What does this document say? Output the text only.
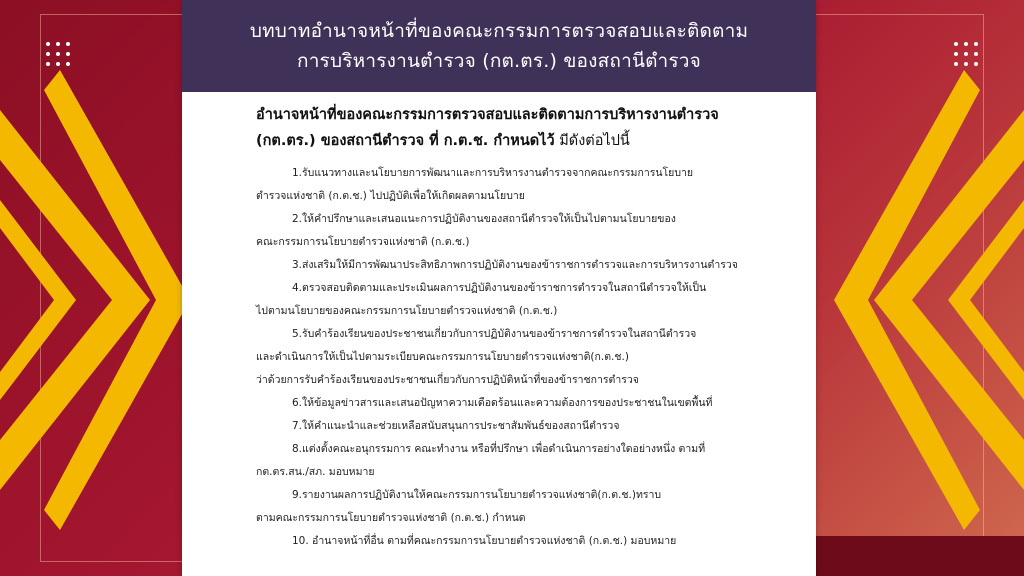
บทบาทอำนาจหน้าที่ของคณะกรรมการตรวจสอบและติดตาม
การบริหารงานตำรวจ (กต.ตร.) ของสถานีตำรวจ

อำนาจหน้าที่ของคณะกรรมการตรวจสอบและติดตามการบริหารงานตำรวจ
(กต.ตร.) ของสถานีตำรวจ ที่ ก.ต.ช. กำหนดไว้ มีดังต่อไปนี้

1.รับแนวทางและนโยบายการพัฒนาและการบริหารงานตำรวจจากคณะกรรมการนโยบาย
ตำรวจแห่งชาติ (ก.ต.ช.) ไปปฏิบัติเพื่อให้เกิดผลตามนโยบาย

2.ให้คำปรึกษาและเสนอแนะการปฏิบัติงานของสถานีตำรวจให้เป็นไปตามนโยบายของ
คณะกรรมการนโยบายตำรวจแห่งชาติ (ก.ต.ช.)

3.ส่งเสริมให้มีการพัฒนาประสิทธิภาพการปฏิบัติงานของข้าราชการตำรวจและการบริหารงานตำรวจ

4.ตรวจสอบติดตามและประเมินผลการปฏิบัติงานของข้าราชการตำรวจในสถานีตำรวจให้เป็น
ไปตามนโยบายของคณะกรรมการนโยบายตำรวจแห่งชาติ (ก.ต.ช.)

5.รับคำร้องเรียนของประชาชนเกี่ยวกับการปฏิบัติงานของข้าราชการตำรวจในสถานีตำรวจ
และดำเนินการให้เป็นไปตามระเบียบคณะกรรมการนโยบายตำรวจแห่งชาติ(ก.ต.ช.)
ว่าด้วยการรับคำร้องเรียนของประชาชนเกี่ยวกับการปฏิบัติหน้าที่ของข้าราชการตำรวจ

6.ให้ข้อมูลข่าวสารและเสนอปัญหาความเดือดร้อนและความต้องการของประชาชนในเขตพื้นที่

7.ให้คำแนะนำและช่วยเหลือสนับสนุนการประชาสัมพันธ์ของสถานีตำรวจ

8.แต่งตั้งคณะอนุกรรมการ คณะทำงาน หรือที่ปรึกษา เพื่อดำเนินการอย่างใดอย่างหนึ่ง ตามที่
กต.ตร.สน./สภ. มอบหมาย

9.รายงานผลการปฏิบัติงานให้คณะกรรมการนโยบายตำรวจแห่งชาติ(ก.ต.ช.)ทราบ
ตามคณะกรรมการนโยบายตำรวจแห่งชาติ (ก.ต.ช.) กำหนด

10. อำนาจหน้าที่อื่น ตามที่คณะกรรมการนโยบายตำรวจแห่งชาติ (ก.ต.ช.) มอบหมาย
